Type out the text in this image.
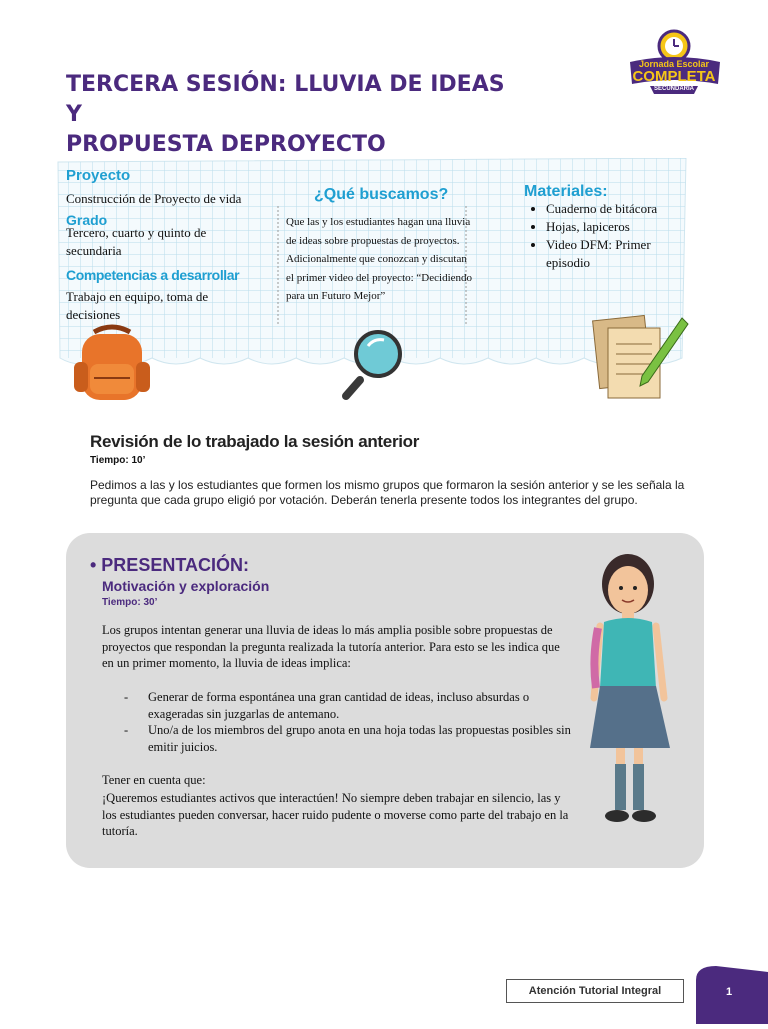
TERCERA SESIÓN: LLUVIA DE IDEAS Y
PROPUESTA DEPROYECTO
Jornada Escolar
COMPLETA
SECUNDARIA
Proyecto
Construcción de Proyecto de vida
Grado
Tercero, cuarto y quinto de secundaria
Competencias a desarrollar
Trabajo en equipo, toma de decisiones
¿Qué buscamos?
Que las y los estudiantes hagan una lluvia de ideas sobre propuestas de proyectos. Adicionalmente que conozcan y discutan el primer video del proyecto: “Decidiendo para un Futuro Mejor”
Materiales:
• Cuaderno de bitácora
• Hojas, lapiceros
• Video DFM: Primer episodio
Revisión de lo trabajado la sesión anterior
Tiempo: 10’
Pedimos a las y los estudiantes que formen los mismo grupos que formaron la sesión anterior y se les señala la pregunta que cada grupo eligió por votación. Deberán tenerla presente todos los integrantes del grupo.
• PRESENTACIÓN:
Motivación y exploración
Tiempo: 30’
Los grupos intentan generar una lluvia de ideas lo más amplia posible sobre propuestas de proyectos que respondan la pregunta realizada la tutoría anterior. Para esto se les indica que en un primer momento, la lluvia de ideas implica:
- Generar de forma espontánea una gran cantidad de ideas, incluso absurdas o exageradas sin juzgarlas de antemano.
- Uno/a de los miembros del grupo anota en una hoja todas las propuestas posibles sin emitir juicios.
Tener en cuenta que:
¡Queremos estudiantes activos que interactúen! No siempre deben trabajar en silencio, las y los estudiantes pueden conversar, hacer ruido pudente o moverse como parte del trabajo en la tutoría.
Atención Tutorial Integral	1
